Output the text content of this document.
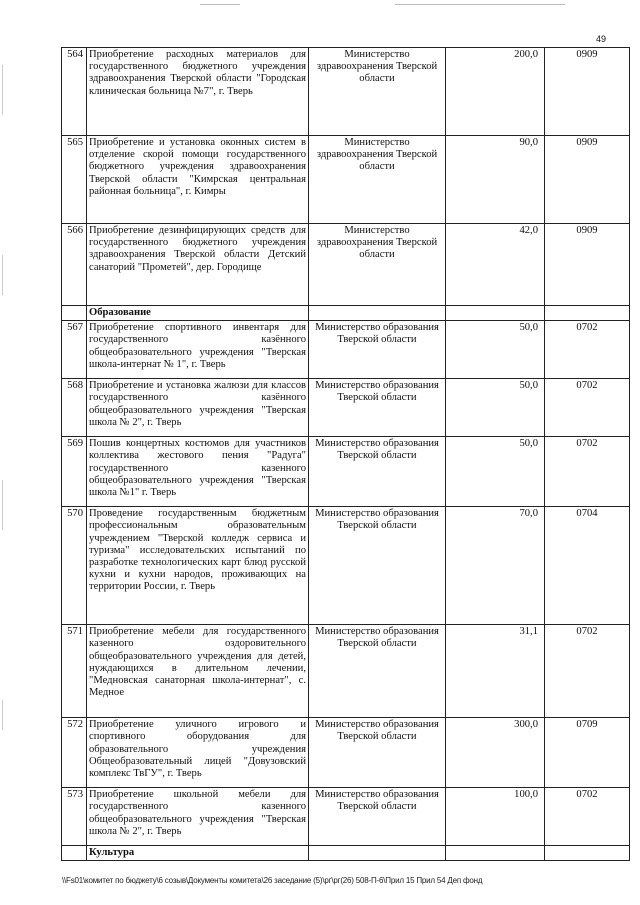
49
564	Приобретение расходных материалов для государственного бюджетного учреждения здравоохранения Тверской области "Городская клиническая больница №7", г. Тверь	Министерство здравоохранения Тверской области	200,0	0909
565	Приобретение и установка оконных систем в отделение скорой помощи государственного бюджетного учреждения здравоохранения Тверской области "Кимрская центральная районная больница", г. Кимры	Министерство здравоохранения Тверской области	90,0	0909
566	Приобретение дезинфицирующих средств для государственного бюджетного учреждения здравоохранения Тверской области Детский санаторий "Прометей", дер. Городище	Министерство здравоохранения Тверской области	42,0	0909
	Образование			
567	Приобретение спортивного инвентаря для государственного казённого общеобразовательного учреждения "Тверская школа-интернат № 1", г. Тверь	Министерство образования Тверской области	50,0	0702
568	Приобретение и установка жалюзи для классов государственного казённого общеобразовательного учреждения "Тверская школа № 2", г. Тверь	Министерство образования Тверской области	50,0	0702
569	Пошив концертных костюмов для участников коллектива жестового пения "Радуга" государственного казенного общеобразовательного учреждения "Тверская школа №1" г. Тверь	Министерство образования Тверской области	50,0	0702
570	Проведение государственным бюджетным профессиональным образовательным учреждением "Тверской колледж сервиса и туризма" исследовательских испытаний по разработке технологических карт блюд русской кухни и кухни народов, проживающих на территории России, г. Тверь	Министерство образования Тверской области	70,0	0704
571	Приобретение мебели для государственного казенного оздоровительного общеобразовательного учреждения для детей, нуждающихся в длительном лечении, "Медновская санаторная школа-интернат", с. Медное	Министерство образования Тверской области	31,1	0702
572	Приобретение уличного игрового и спортивного оборудования для образовательного учреждения Общеобразовательный лицей "Довузовский комплекс ТвГУ", г. Тверь	Министерство образования Тверской области	300,0	0709
573	Приобретение школьной мебели для государственного казенного общеобразовательного учреждения "Тверская школа № 2", г. Тверь	Министерство образования Тверской области	100,0	0702
	Культура			
\\Fs01\комитет по бюджету\6 созыв\Документы комитета\26 заседание (5)\рг\рг(26) 508-П-6\Прил 15 Прил 54 Деп фонд
